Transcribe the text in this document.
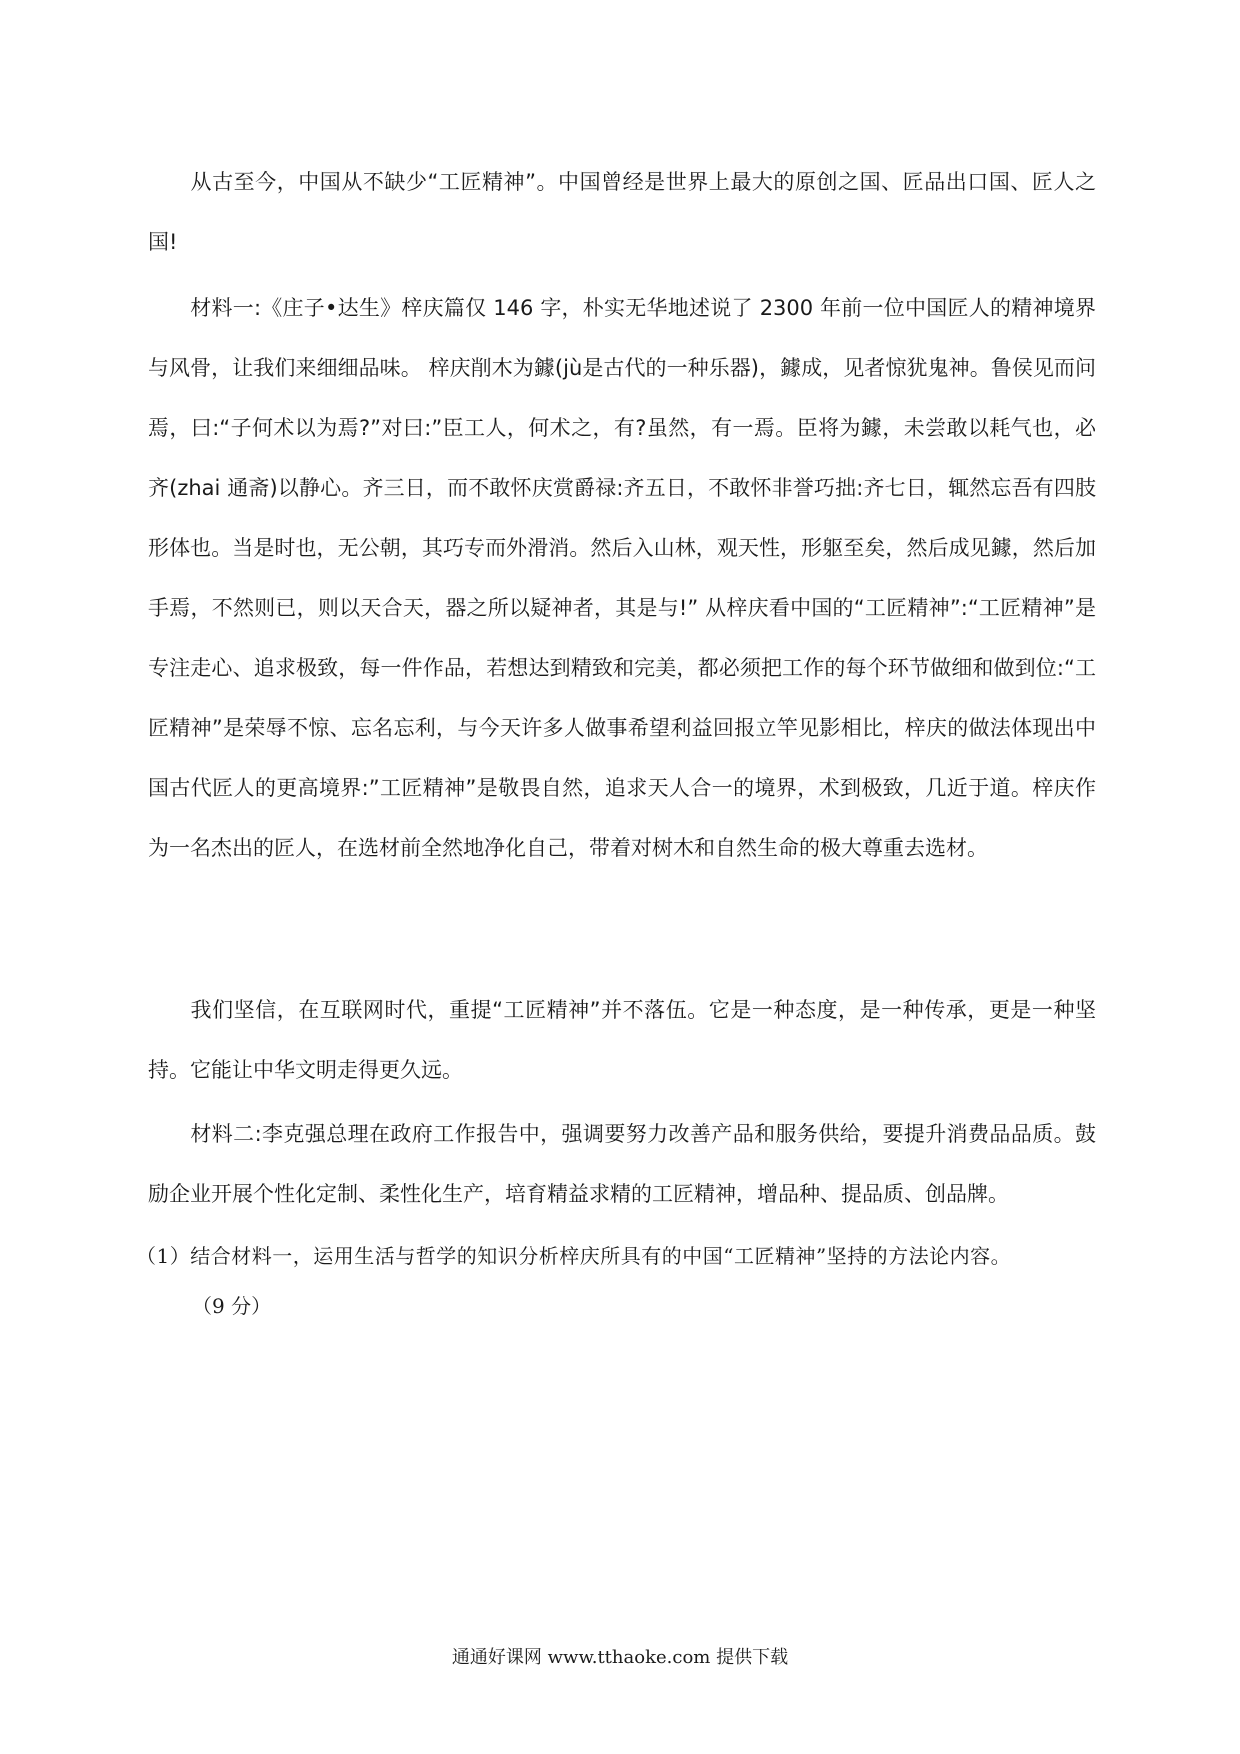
从古至今，中国从不缺少“工匠精神”。中国曾经是世界上最大的原创之国、匠品出口国、匠人之国!

材料一:《庄子•达生》梓庆篇仅 146 字，朴实无华地述说了 2300 年前一位中国匠人的精神境界与风骨，让我们来细细品味。 梓庆削木为鐻(jù是古代的一种乐器)，鐻成，见者惊犹鬼神。鲁侯见而问焉，曰:“子何术以为焉?”对曰:”臣工人，何术之，有?虽然，有一焉。臣将为鐻，未尝敢以耗气也，必齐(zhai 通斋)以静心。齐三日，而不敢怀庆赏爵禄:齐五日，不敢怀非誉巧拙:齐七日，辄然忘吾有四肢形体也。当是时也，无公朝，其巧专而外滑消。然后入山林，观天性，形躯至矣，然后成见鐻，然后加手焉，不然则已，则以天合天，器之所以疑神者，其是与!” 从梓庆看中国的“工匠精神”:“工匠精神”是专注走心、追求极致，每一件作品，若想达到精致和完美，都必须把工作的每个环节做细和做到位:“工匠精神”是荣辱不惊、忘名忘利，与今天许多人做事希望利益回报立竿见影相比，梓庆的做法体现出中国古代匠人的更高境界:”工匠精神”是敬畏自然，追求天人合一的境界，术到极致，几近于道。梓庆作为一名杰出的匠人，在选材前全然地净化自己，带着对树木和自然生命的极大尊重去选材。

我们坚信，在互联网时代，重提“工匠精神”并不落伍。它是一种态度，是一种传承，更是一种坚持。它能让中华文明走得更久远。

材料二:李克强总理在政府工作报告中，强调要努力改善产品和服务供给，要提升消费品品质。鼓励企业开展个性化定制、柔性化生产，培育精益求精的工匠精神，增品种、提品质、创品牌。

（1）结合材料一，运用生活与哲学的知识分析梓庆所具有的中国“工匠精神”坚持的方法论内容。

（9 分）

通通好课网 www.tthaoke.com 提供下载
